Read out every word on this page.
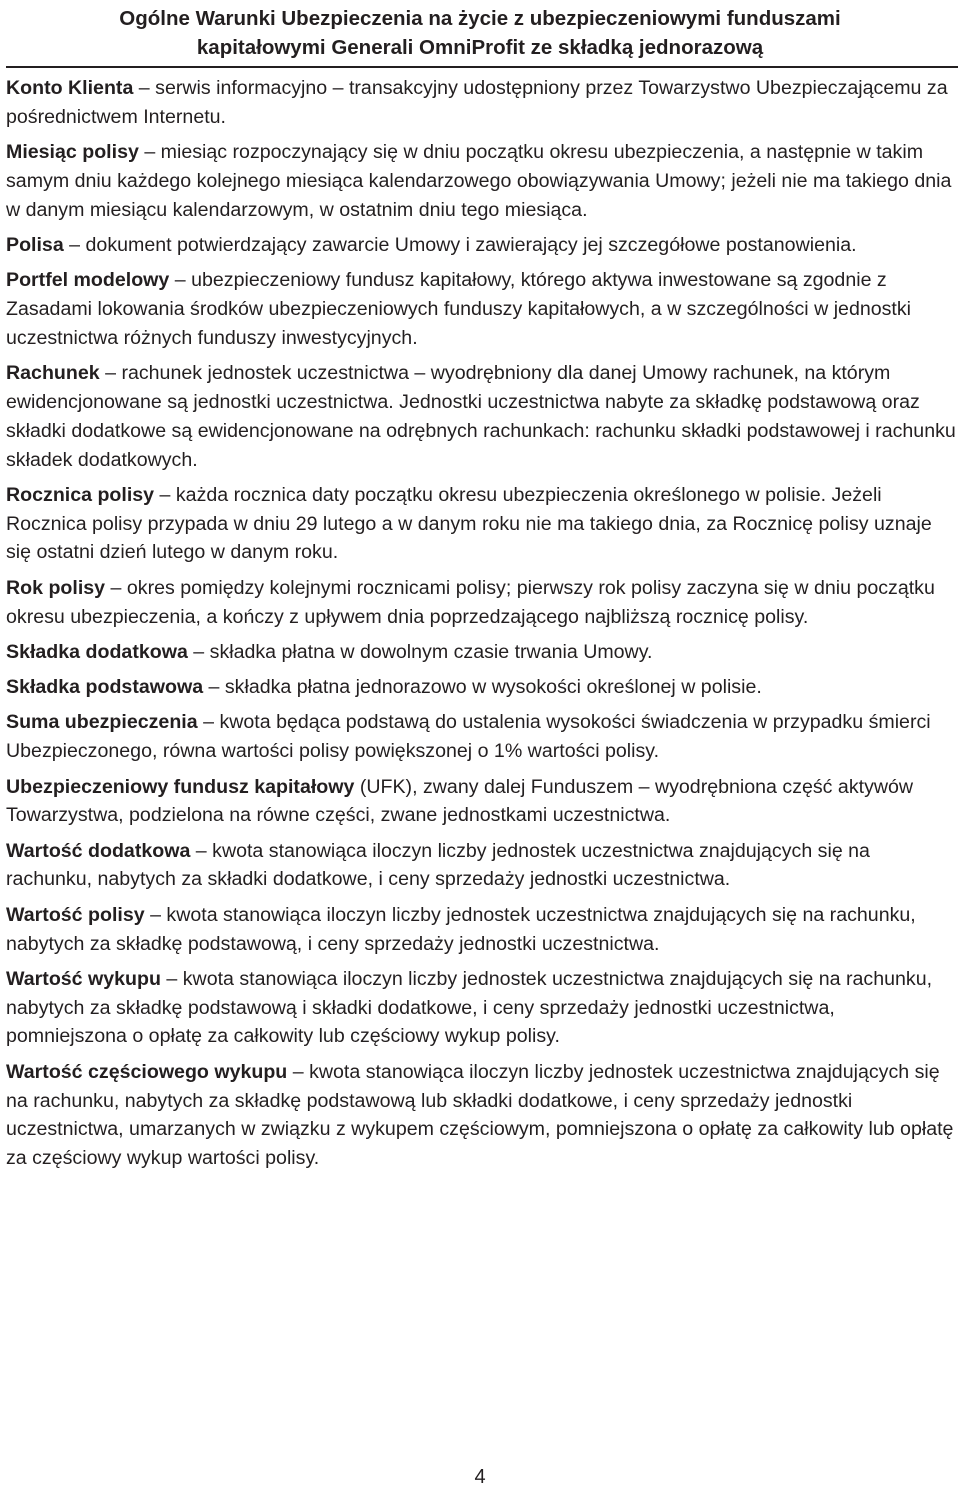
Ogólne Warunki Ubezpieczenia na życie z ubezpieczeniowymi funduszami
kapitałowymi Generali OmniProfit ze składką jednorazową

Konto Klienta – serwis informacyjno – transakcyjny udostępniony przez Towarzystwo Ubezpieczającemu za pośrednictwem Internetu.

Miesiąc polisy – miesiąc rozpoczynający się w dniu początku okresu ubezpieczenia, a następnie w takim samym dniu każdego kolejnego miesiąca kalendarzowego obowiązywania Umowy; jeżeli nie ma takiego dnia w danym miesiącu kalendarzowym, w ostatnim dniu tego miesiąca.

Polisa – dokument potwierdzający zawarcie Umowy i zawierający jej szczegółowe postanowienia.

Portfel modelowy – ubezpieczeniowy fundusz kapitałowy, którego aktywa inwestowane są zgodnie z Zasadami lokowania środków ubezpieczeniowych funduszy kapitałowych, a w szczególności w jednostki uczestnictwa różnych funduszy inwestycyjnych.

Rachunek – rachunek jednostek uczestnictwa – wyodrębniony dla danej Umowy rachunek, na którym ewidencjonowane są jednostki uczestnictwa. Jednostki uczestnictwa nabyte za składkę podstawową oraz składki dodatkowe są ewidencjonowane na odrębnych rachunkach: rachunku składki podstawowej i rachunku składek dodatkowych.

Rocznica polisy – każda rocznica daty początku okresu ubezpieczenia określonego w polisie. Jeżeli Rocznica polisy przypada w dniu 29 lutego a w danym roku nie ma takiego dnia, za Rocznicę polisy uznaje się ostatni dzień lutego w danym roku.

Rok polisy – okres pomiędzy kolejnymi rocznicami polisy; pierwszy rok polisy zaczyna się w dniu początku okresu ubezpieczenia, a kończy z upływem dnia poprzedzającego najbliższą rocznicę polisy.

Składka dodatkowa – składka płatna w dowolnym czasie trwania Umowy.

Składka podstawowa – składka płatna jednorazowo w wysokości określonej w polisie.

Suma ubezpieczenia – kwota będąca podstawą do ustalenia wysokości świadczenia w przypadku śmierci Ubezpieczonego, równa wartości polisy powiększonej o 1% wartości polisy.

Ubezpieczeniowy fundusz kapitałowy (UFK), zwany dalej Funduszem – wyodrębniona część aktywów Towarzystwa, podzielona na równe części, zwane jednostkami uczestnictwa.

Wartość dodatkowa – kwota stanowiąca iloczyn liczby jednostek uczestnictwa znajdujących się na rachunku, nabytych za składki dodatkowe, i ceny sprzedaży jednostki uczestnictwa.

Wartość polisy – kwota stanowiąca iloczyn liczby jednostek uczestnictwa znajdujących się na rachunku, nabytych za składkę podstawową, i ceny sprzedaży jednostki uczestnictwa.

Wartość wykupu – kwota stanowiąca iloczyn liczby jednostek uczestnictwa znajdujących się na rachunku, nabytych za składkę podstawową i składki dodatkowe, i ceny sprzedaży jednostki uczestnictwa, pomniejszona o opłatę za całkowity lub częściowy wykup polisy.

Wartość częściowego wykupu – kwota stanowiąca iloczyn liczby jednostek uczestnictwa znajdujących się na rachunku, nabytych za składkę podstawową lub składki dodatkowe, i ceny sprzedaży jednostki uczestnictwa, umarzanych w związku z wykupem częściowym, pomniejszona o opłatę za całkowity lub opłatę za częściowy wykup wartości polisy.

4
